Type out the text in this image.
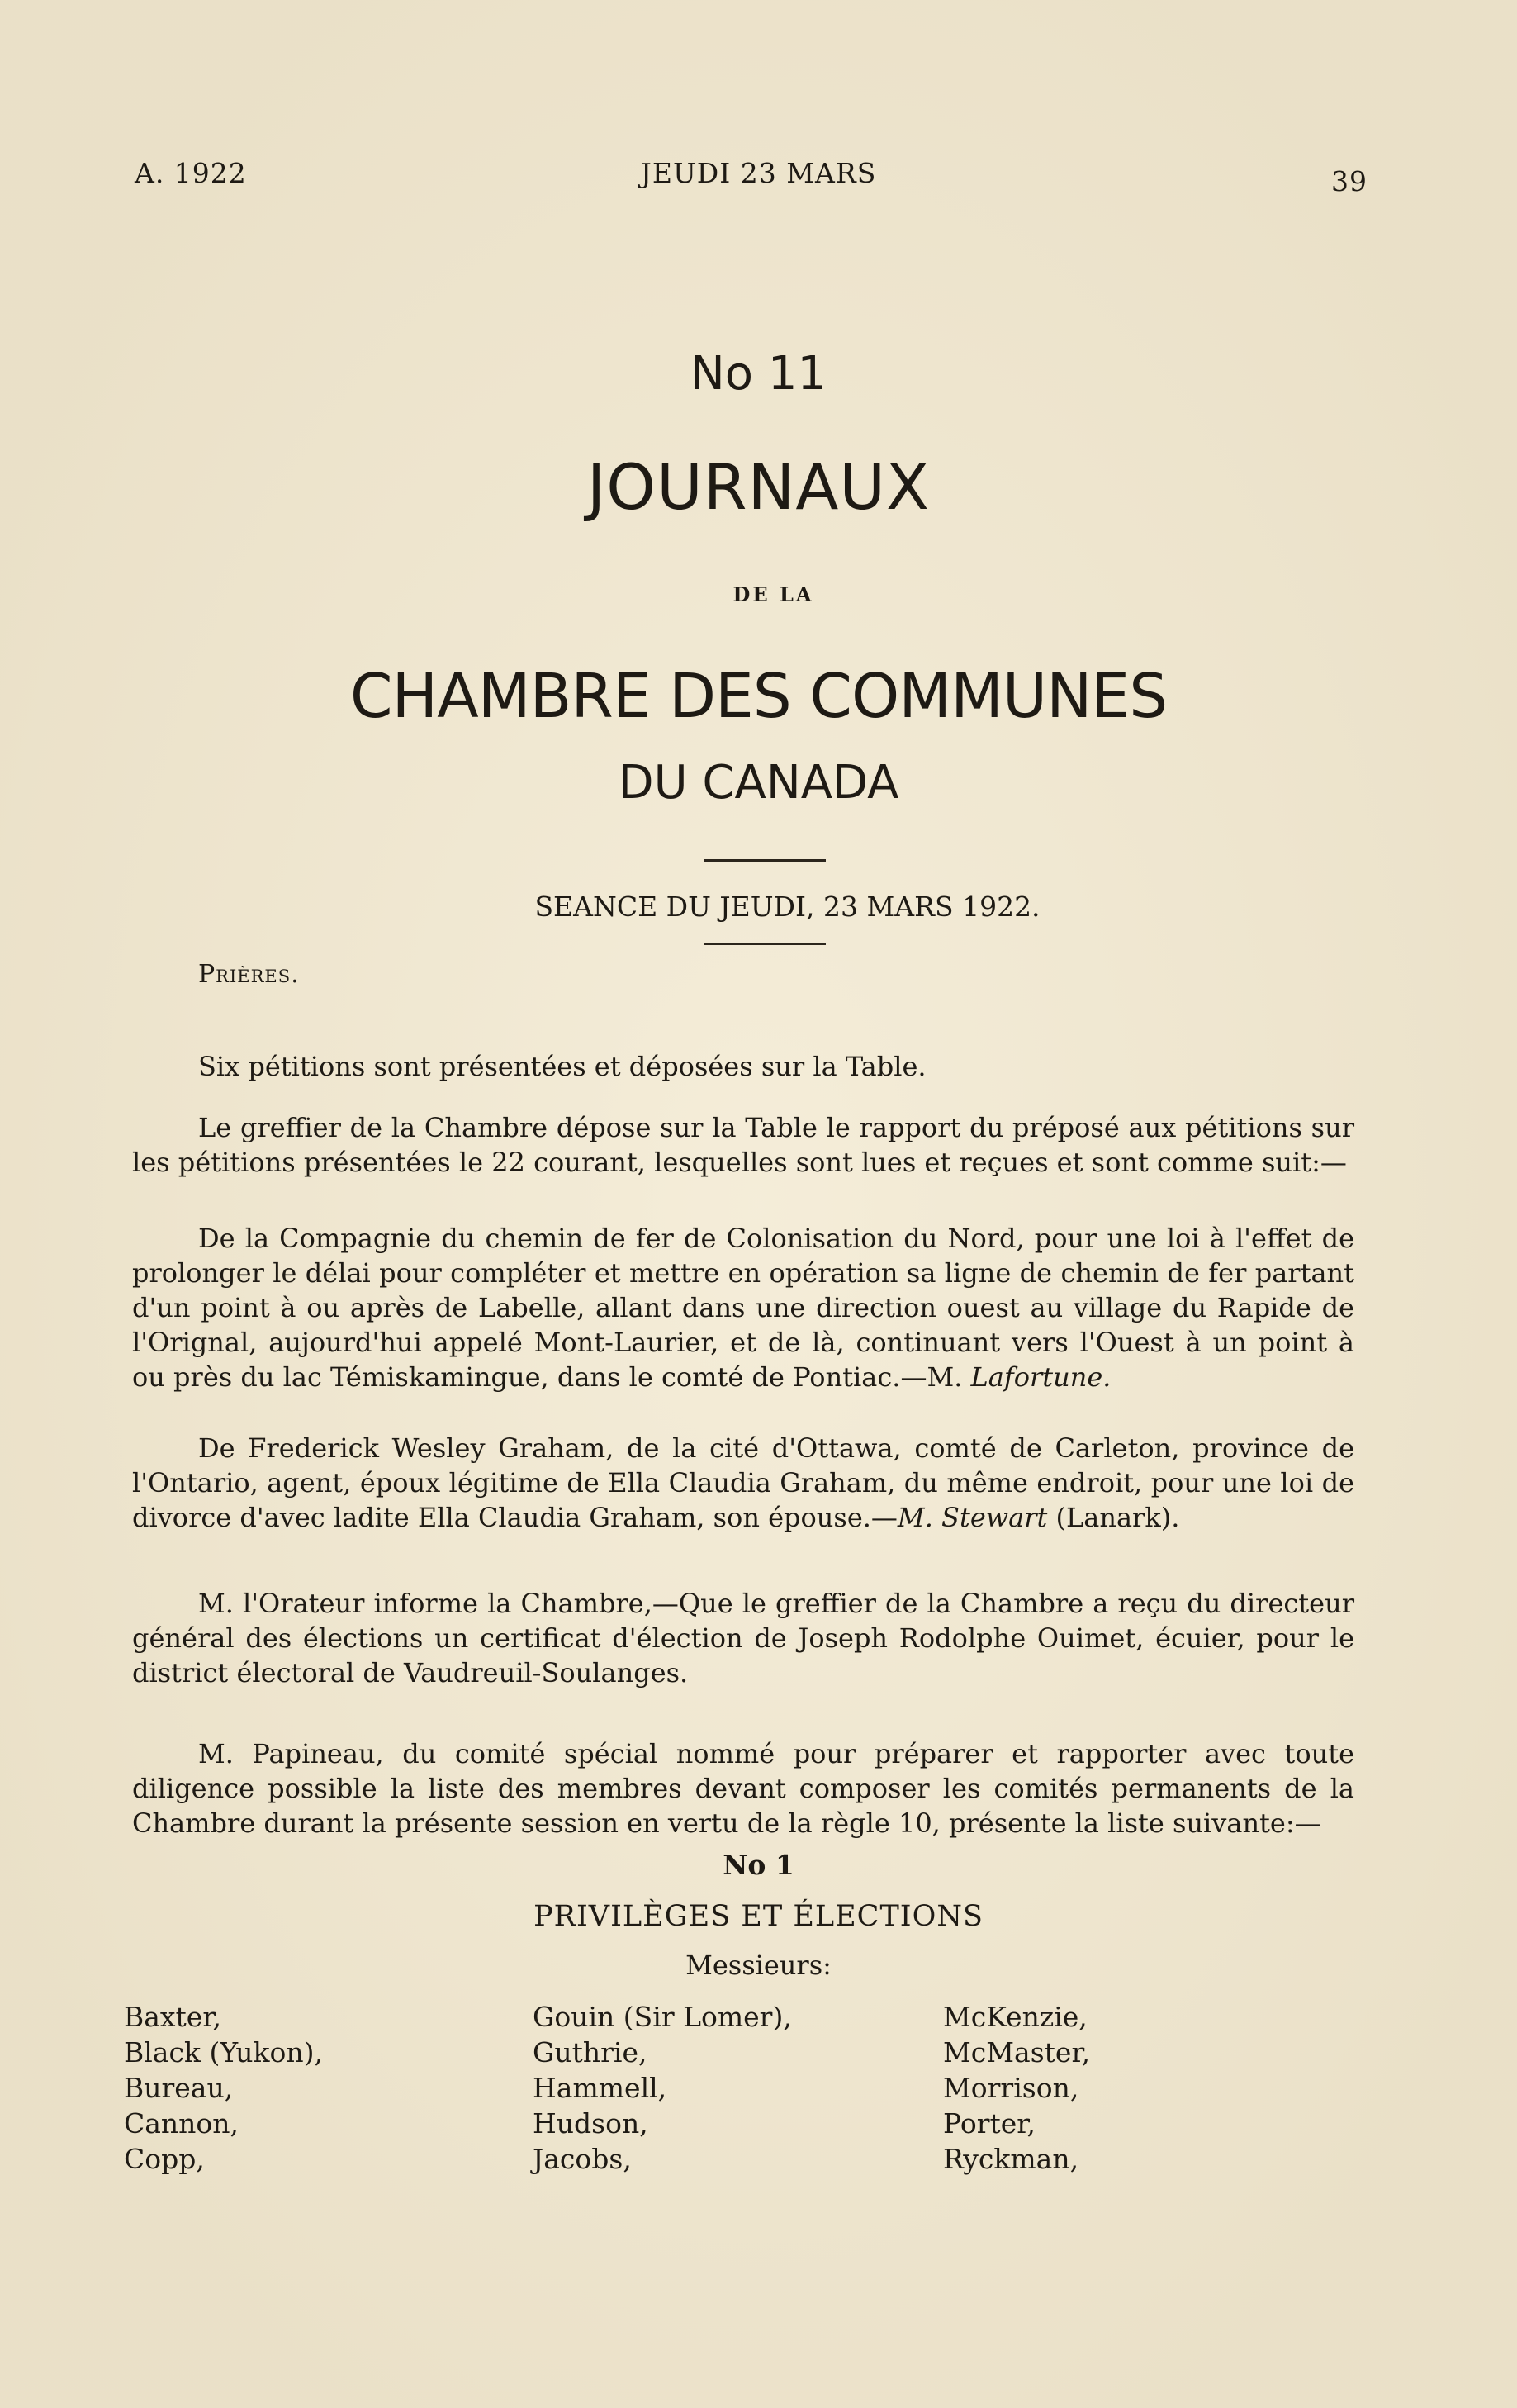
A. 1922	JEUDI 23 MARS	39
No 11
JOURNAUX
DE LA
CHAMBRE DES COMMUNES
DU CANADA
SEANCE DU JEUDI, 23 MARS 1922.
Prières.

Six pétitions sont présentées et déposées sur la Table.

Le greffier de la Chambre dépose sur la Table le rapport du préposé aux pétitions sur les pétitions présentées le 22 courant, lesquelles sont lues et reçues et sont comme suit:—

De la Compagnie du chemin de fer de Colonisation du Nord, pour une loi à l'effet de prolonger le délai pour compléter et mettre en opération sa ligne de chemin de fer partant d'un point à ou après de Labelle, allant dans une direction ouest au village du Rapide de l'Orignal, aujourd'hui appelé Mont-Laurier, et de là, continuant vers l'Ouest à un point à ou près du lac Témiskamingue, dans le comté de Pontiac.—M. Lafortune.

De Frederick Wesley Graham, de la cité d'Ottawa, comté de Carleton, province de l'Ontario, agent, époux légitime de Ella Claudia Graham, du même endroit, pour une loi de divorce d'avec ladite Ella Claudia Graham, son épouse.—M. Stewart (Lanark).

M. l'Orateur informe la Chambre,—Que le greffier de la Chambre a reçu du directeur général des élections un certificat d'élection de Joseph Rodolphe Ouimet, écuier, pour le district électoral de Vaudreuil-Soulanges.

M. Papineau, du comité spécial nommé pour préparer et rapporter avec toute diligence possible la liste des membres devant composer les comités permanents de la Chambre durant la présente session en vertu de la règle 10, présente la liste suivante:—

No 1
PRIVILÈGES ET ÉLECTIONS
Messieurs:
Baxter,
Black (Yukon),
Bureau,
Cannon,
Copp,
Gouin (Sir Lomer),
Guthrie,
Hammell,
Hudson,
Jacobs,
McKenzie,
McMaster,
Morrison,
Porter,
Ryckman,
